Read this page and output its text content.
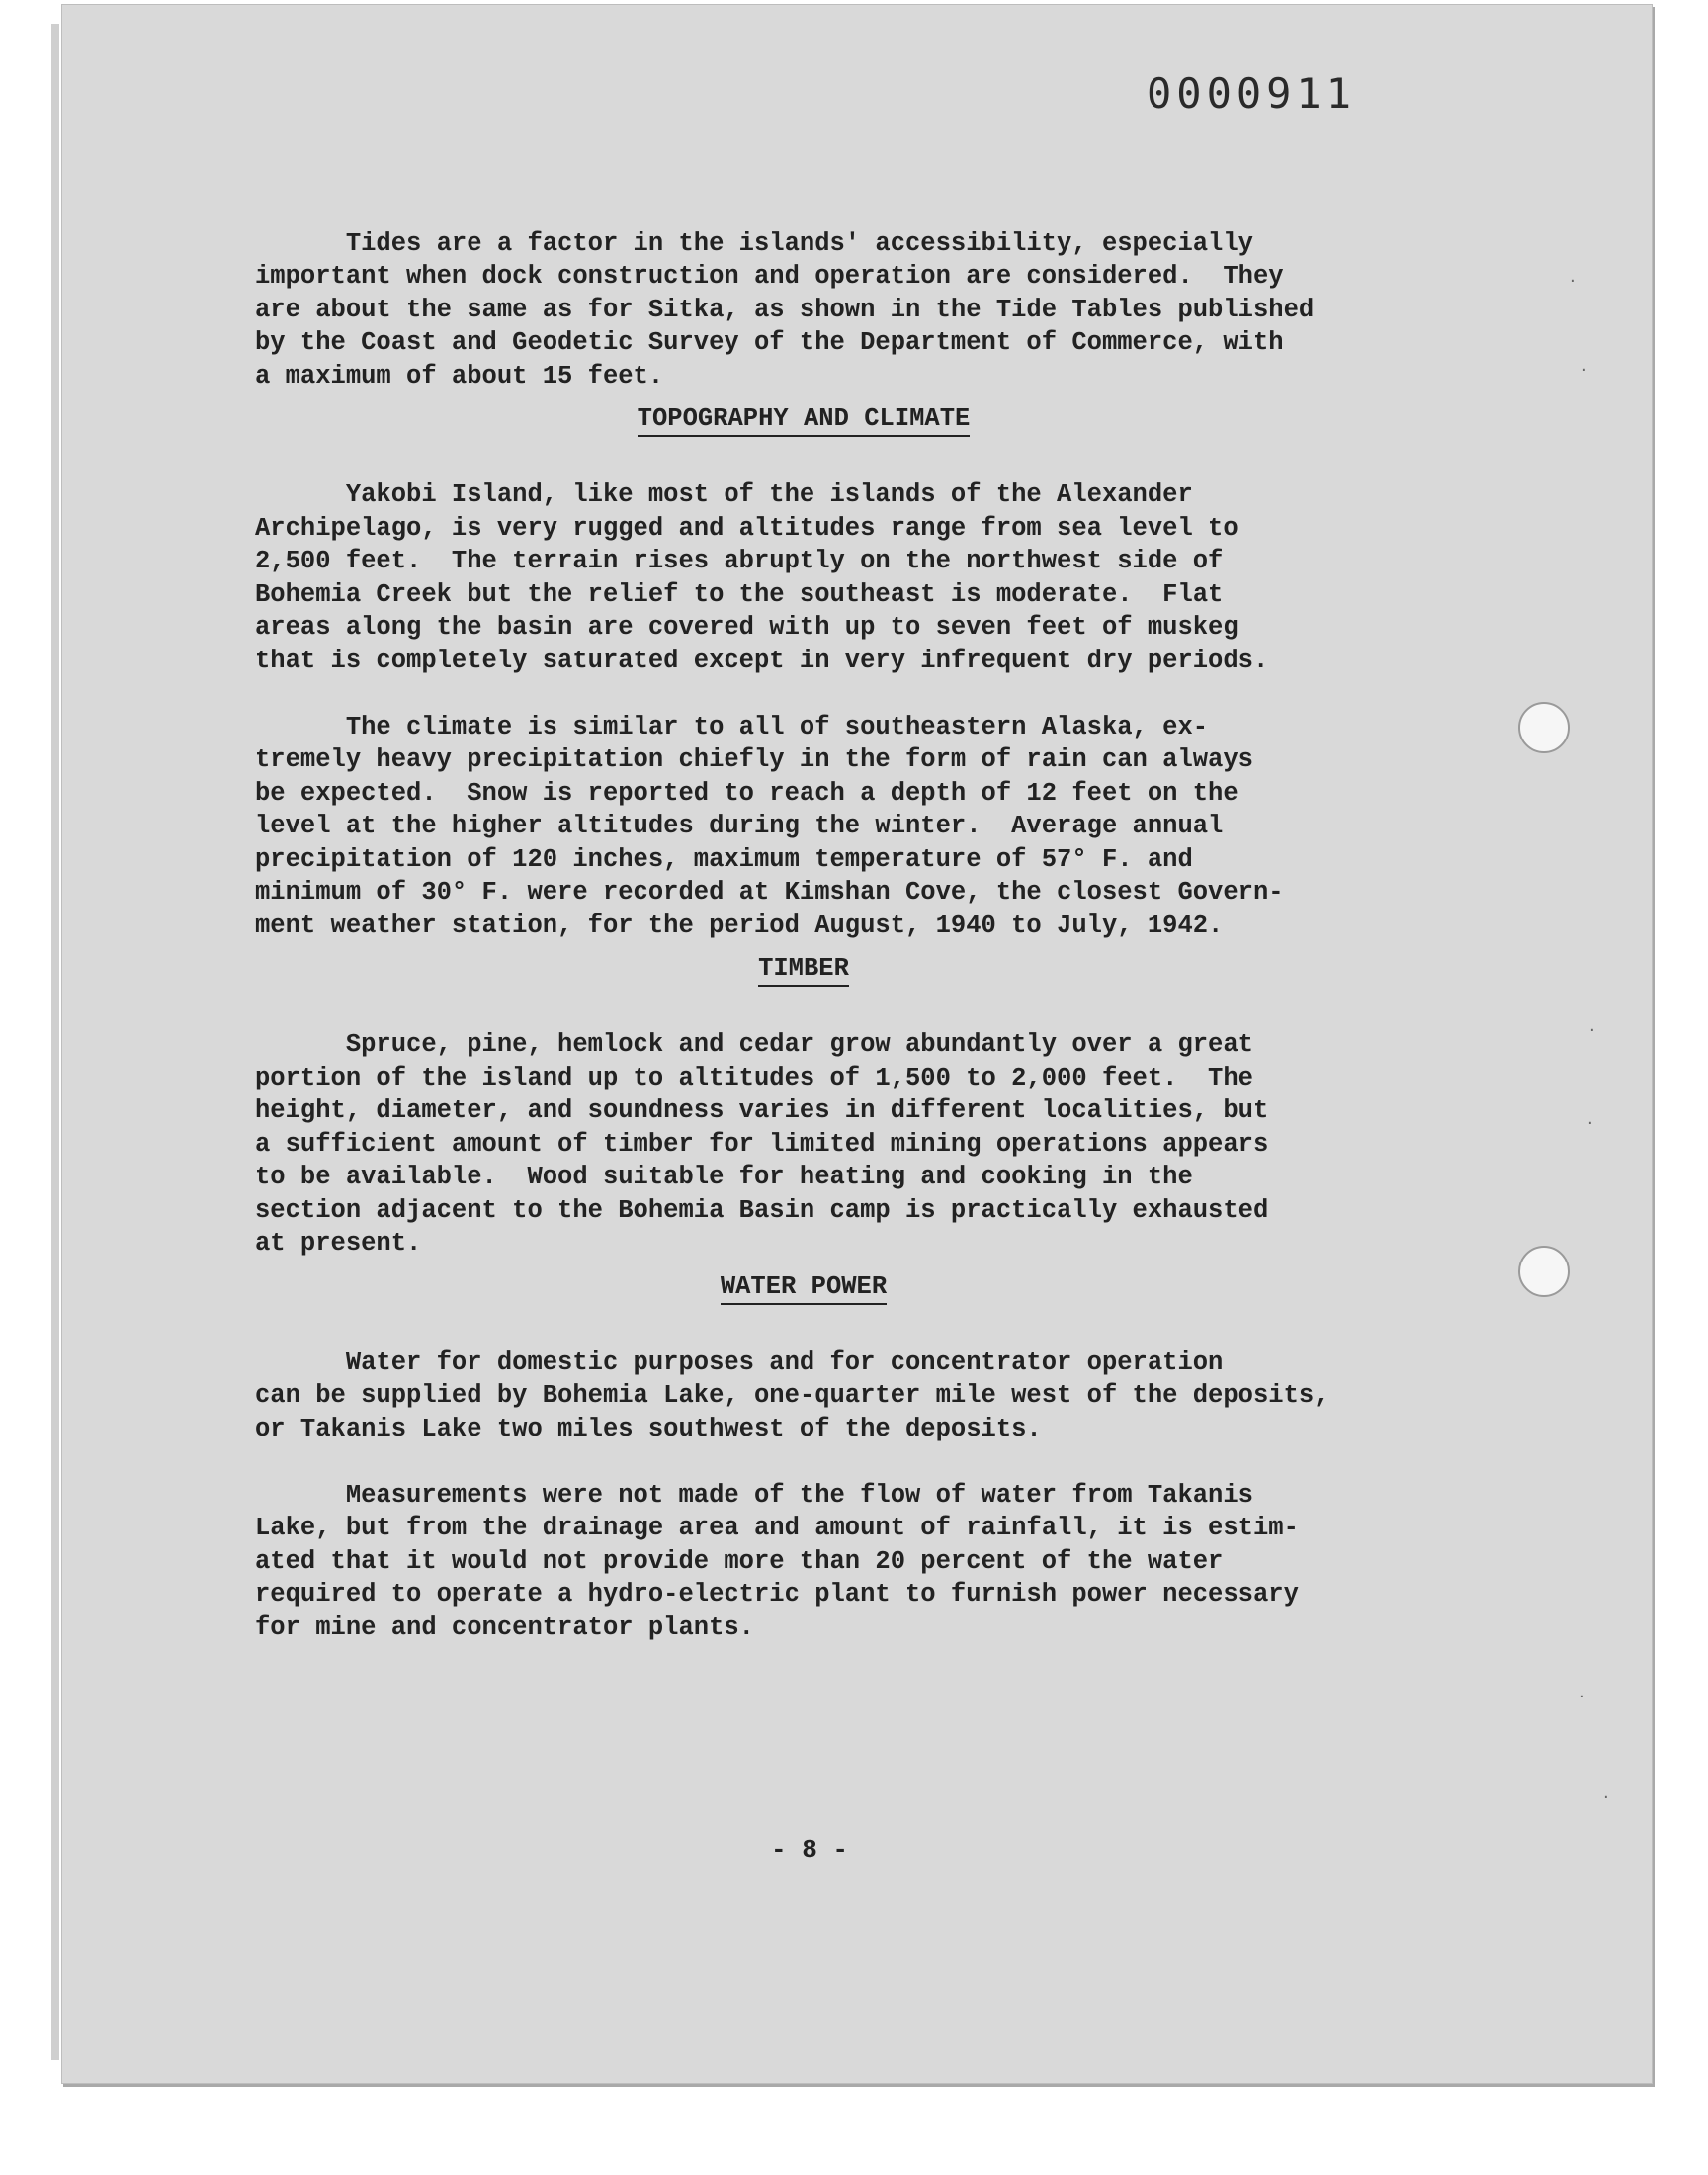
0000911

Tides are a factor in the islands' accessibility, especially
important when dock construction and operation are considered.  They
are about the same as for Sitka, as shown in the Tide Tables published
by the Coast and Geodetic Survey of the Department of Commerce, with
a maximum of about 15 feet.

TOPOGRAPHY AND CLIMATE

Yakobi Island, like most of the islands of the Alexander
Archipelago, is very rugged and altitudes range from sea level to
2,500 feet.  The terrain rises abruptly on the northwest side of
Bohemia Creek but the relief to the southeast is moderate.  Flat
areas along the basin are covered with up to seven feet of muskeg
that is completely saturated except in very infrequent dry periods.

The climate is similar to all of southeastern Alaska, ex-
tremely heavy precipitation chiefly in the form of rain can always
be expected.  Snow is reported to reach a depth of 12 feet on the
level at the higher altitudes during the winter.  Average annual
precipitation of 120 inches, maximum temperature of 57° F. and
minimum of 30° F. were recorded at Kimshan Cove, the closest Govern-
ment weather station, for the period August, 1940 to July, 1942.

TIMBER

Spruce, pine, hemlock and cedar grow abundantly over a great
portion of the island up to altitudes of 1,500 to 2,000 feet.  The
height, diameter, and soundness varies in different localities, but
a sufficient amount of timber for limited mining operations appears
to be available.  Wood suitable for heating and cooking in the
section adjacent to the Bohemia Basin camp is practically exhausted
at present.

WATER POWER

Water for domestic purposes and for concentrator operation
can be supplied by Bohemia Lake, one-quarter mile west of the deposits,
or Takanis Lake two miles southwest of the deposits.

Measurements were not made of the flow of water from Takanis
Lake, but from the drainage area and amount of rainfall, it is estim-
ated that it would not provide more than 20 percent of the water
required to operate a hydro-electric plant to furnish power necessary
for mine and concentrator plants.

- 8 -
·
·
·
·
·
·
